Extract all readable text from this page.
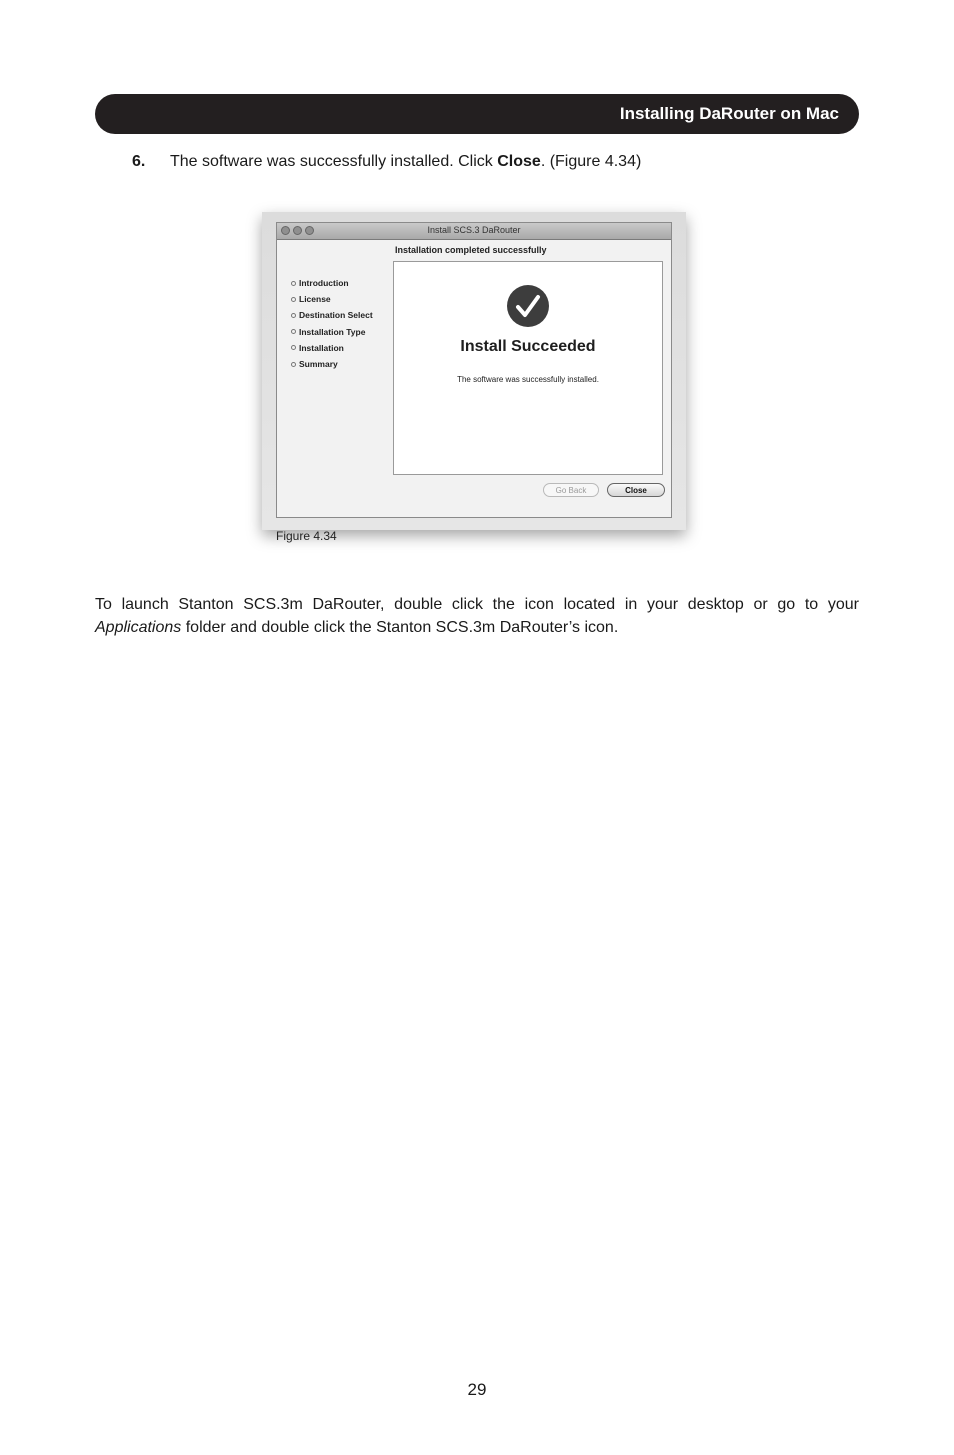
Installing DaRouter on Mac
6. The software was successfully installed. Click Close. (Figure 4.34)
Install SCS.3 DaRouter
Installation completed successfully
Introduction
License
Destination Select
Installation Type
Installation
Summary
Install Succeeded
The software was successfully installed.
Go Back	Close
Figure 4.34

To launch Stanton SCS.3m DaRouter, double click the icon located in your desktop or go to your Applications folder and double click the Stanton SCS.3m DaRouter’s icon.

29
